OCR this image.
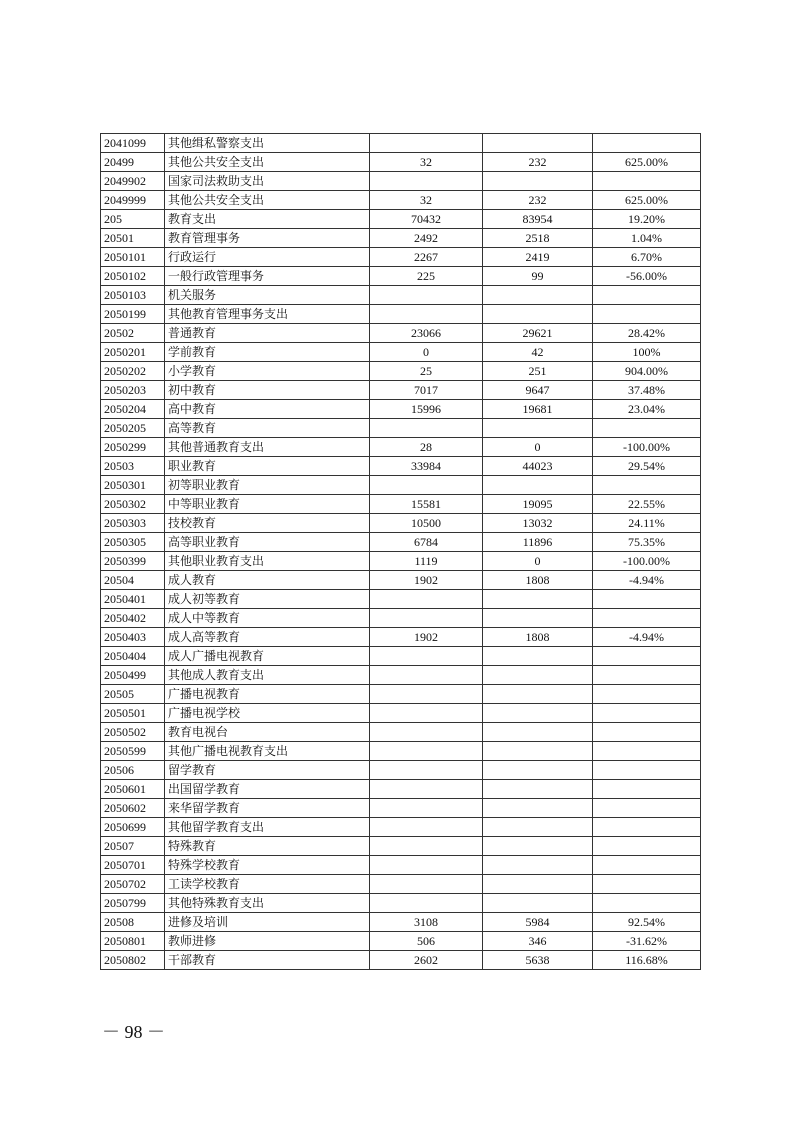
2041099	其他缉私警察支出			
20499	其他公共安全支出	32	232	625.00%
2049902	国家司法救助支出			
2049999	其他公共安全支出	32	232	625.00%
205	教育支出	70432	83954	19.20%
20501	教育管理事务	2492	2518	1.04%
2050101	行政运行	2267	2419	6.70%
2050102	一般行政管理事务	225	99	-56.00%
2050103	机关服务			
2050199	其他教育管理事务支出			
20502	普通教育	23066	29621	28.42%
2050201	学前教育	0	42	100%
2050202	小学教育	25	251	904.00%
2050203	初中教育	7017	9647	37.48%
2050204	高中教育	15996	19681	23.04%
2050205	高等教育			
2050299	其他普通教育支出	28	0	-100.00%
20503	职业教育	33984	44023	29.54%
2050301	初等职业教育			
2050302	中等职业教育	15581	19095	22.55%
2050303	技校教育	10500	13032	24.11%
2050305	高等职业教育	6784	11896	75.35%
2050399	其他职业教育支出	1119	0	-100.00%
20504	成人教育	1902	1808	-4.94%
2050401	成人初等教育			
2050402	成人中等教育			
2050403	成人高等教育	1902	1808	-4.94%
2050404	成人广播电视教育			
2050499	其他成人教育支出			
20505	广播电视教育			
2050501	广播电视学校			
2050502	教育电视台			
2050599	其他广播电视教育支出			
20506	留学教育			
2050601	出国留学教育			
2050602	来华留学教育			
2050699	其他留学教育支出			
20507	特殊教育			
2050701	特殊学校教育			
2050702	工读学校教育			
2050799	其他特殊教育支出			
20508	进修及培训	3108	5984	92.54%
2050801	教师进修	506	346	-31.62%
2050802	干部教育	2602	5638	116.68%
－ 98 －
